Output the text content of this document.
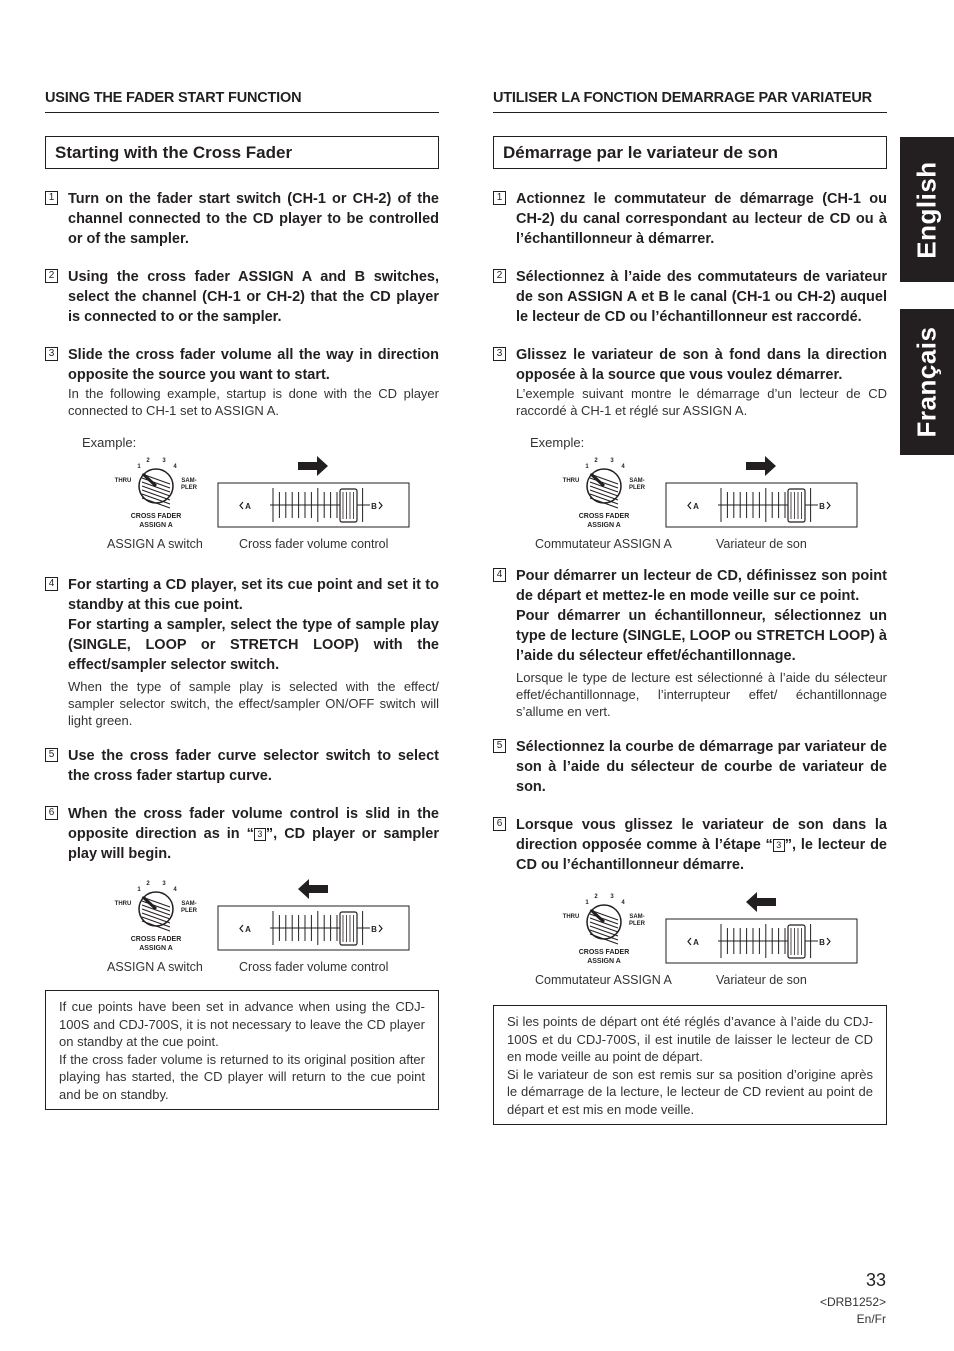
USING THE FADER START FUNCTION
Starting with the Cross Fader
1 Turn on the fader start switch (CH-1 or CH-2) of the channel connected to the CD player to be controlled or of the sampler.
2 Using the cross fader ASSIGN A and B switches, select the channel (CH-1 or CH-2) that the CD player is connected to or the sampler.
3 Slide the cross fader volume all the way in direction opposite the source you want to start.
In the following example, startup is done with the CD player connected to CH-1 set to ASSIGN A.
Example:
1
2 3
4
THRU	SAM-
PLER
CROSS FADER
ASSIGN A
A	B
ASSIGN A switch	Cross fader volume control
4 For starting a CD player, set its cue point and set it to standby at this cue point.
For starting a sampler, select the type of sample play (SINGLE, LOOP or STRETCH LOOP) with the effect/sampler selector switch.
When the type of sample play is selected with the effect/ sampler selector switch, the effect/sampler ON/OFF switch will light green.
5 Use the cross fader curve selector switch to select the cross fader startup curve.
6 When the cross fader volume control is slid in the opposite direction as in “ 3 ”, CD player or sampler play will begin.
1
2 3
4
THRU	SAM-
PLER
CROSS FADER
ASSIGN A
A	B
ASSIGN A switch	Cross fader volume control
If cue points have been set in advance when using the CDJ-100S and CDJ-700S, it is not necessary to leave the CD player on standby at the cue point.
If the cross fader volume is returned to its original position after playing has started, the CD player will return to the cue point and be on standby.
UTILISER LA FONCTION DEMARRAGE PAR VARIATEUR
Démarrage par le variateur de son
1 Actionnez le commutateur de démarrage (CH-1 ou CH-2) du canal correspondant au lecteur de CD ou à l’échantillonneur à démarrer.
2 Sélectionnez à l’aide des commutateurs de variateur de son ASSIGN A et B le canal (CH-1 ou CH-2) auquel le lecteur de CD ou l’échantillonneur est raccordé.
3 Glissez le variateur de son à fond dans la direction opposée à la source que vous voulez démarrer.
L’exemple suivant montre le démarrage d’un lecteur de CD raccordé à CH-1 et réglé sur ASSIGN A.
Exemple:
1
2 3
4
THRU	SAM-
PLER
CROSS FADER
ASSIGN A
A	B
Commutateur ASSIGN A	Variateur de son
4 Pour démarrer un lecteur de CD, définissez son point de départ et mettez-le en mode veille sur ce point.
Pour démarrer un échantillonneur, sélectionnez un type de lecture (SINGLE, LOOP ou STRETCH LOOP) à l’aide du sélecteur effet/échantillonnage.
Lorsque le type de lecture est sélectionné à l’aide du sélecteur effet/échantillonnage, l’interrupteur effet/ échantillonnage s’allume en vert.
5 Sélectionnez la courbe de démarrage par variateur de son à l’aide du sélecteur de courbe de variateur de son.
6 Lorsque vous glissez le variateur de son dans la direction opposée comme à l’étape “ 3 ”, le lecteur de CD ou l’échantillonneur démarre.
1
2 3
4
THRU	SAM-
PLER
CROSS FADER
ASSIGN A
A	B
Commutateur ASSIGN A	Variateur de son
Si les points de départ ont été réglés d’avance à l’aide du CDJ- 100S et du CDJ-700S, il est inutile de laisser le lecteur de CD en mode veille au point de départ.
Si le variateur de son est remis sur sa position d’origine après le démarrage de la lecture, le lecteur de CD revient au point de départ et est mis en mode veille.
English
Français
33
<DRB1252>
En/Fr
